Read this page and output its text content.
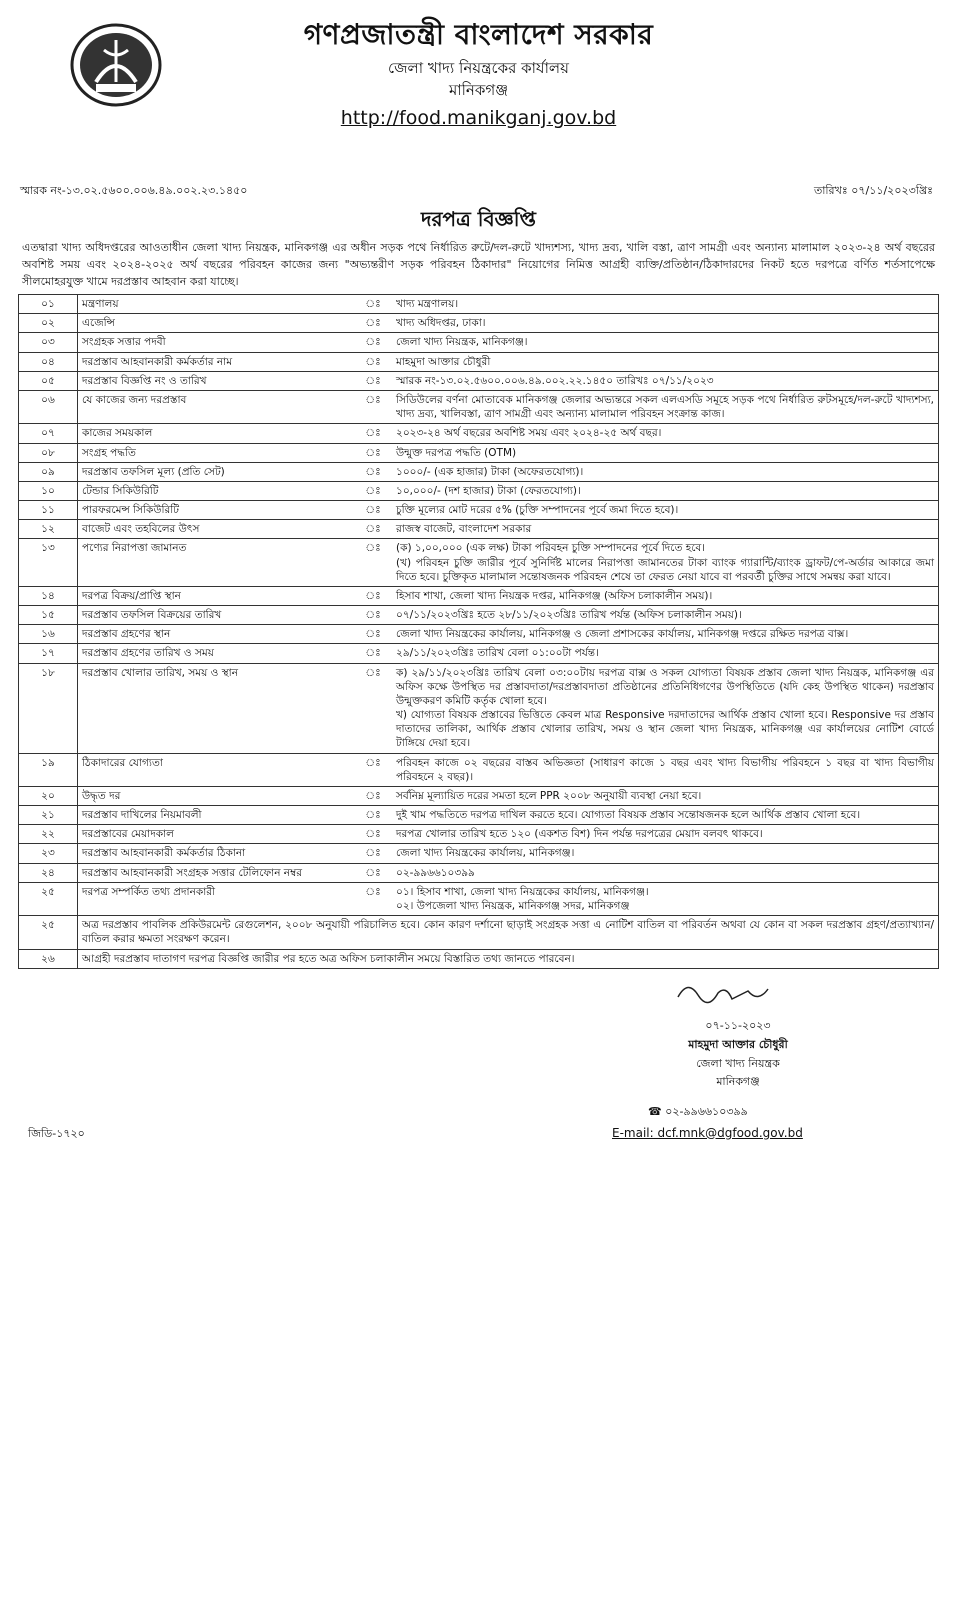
গণপ্রজাতন্ত্রী বাংলাদেশ সরকার
জেলা খাদ্য নিয়ন্ত্রকের কার্যালয়
মানিকগঞ্জ
http://food.manikganj.gov.bd
স্মারক নং-১৩.০২.৫৬০০.০০৬.৪৯.০০২.২৩.১৪৫০	তারিখঃ ০৭/১১/২০২৩খ্রিঃ
দরপত্র বিজ্ঞপ্তি
এতদ্বারা খাদ্য অধিদপ্তরের আওতাধীন জেলা খাদ্য নিয়ন্ত্রক, মানিকগঞ্জ এর অধীন সড়ক পথে নির্ধারিত রুটে/দল-রুটে খাদ্যশস্য, খাদ্য দ্রব্য, খালি বস্তা, ত্রাণ সামগ্রী এবং অন্যান্য মালামাল ২০২৩-২৪ অর্থ বছরের অবশিষ্ট সময় এবং ২০২৪-২০২৫ অর্থ বছরের পরিবহন কাজের জন্য "অভ্যন্তরীণ সড়ক পরিবহন ঠিকাদার" নিয়োগের নিমিত্ত আগ্রহী ব্যক্তি/প্রতিষ্ঠান/ঠিকাদারদের নিকট হতে দরপত্রে বর্ণিত শর্তসাপেক্ষে সীলমোহরযুক্ত খামে দরপ্রস্তাব আহবান করা যাচ্ছে।
০১	মন্ত্রণালয়	ঃ	খাদ্য মন্ত্রণালয়।

০২	এজেন্সি	ঃ	খাদ্য অধিদপ্তর, ঢাকা।

০৩	সংগ্রহক সত্তার পদবী	ঃ	জেলা খাদ্য নিয়ন্ত্রক, মানিকগঞ্জ।

০৪	দরপ্রস্তাব আহবানকারী কর্মকর্তার নাম	ঃ	মাহমুদা আক্তার চৌধুরী

০৫	দরপ্রস্তাব বিজ্ঞপ্তি নং ও তারিখ	ঃ	স্মারক নং-১৩.০২.৫৬০০.০০৬.৪৯.০০২.২২.১৪৫০ তারিখঃ ০৭/১১/২০২৩

০৬	যে কাজের জন্য দরপ্রস্তাব	ঃ	সিডিউলের বর্ণনা মোতাবেক মানিকগঞ্জ জেলার অভ্যন্তরে সকল এলএসডি সমূহে সড়ক পথে নির্ধারিত রুটসমূহে/দল-রুটে খাদ্যশস্য, খাদ্য দ্রব্য, খালিবস্তা, ত্রাণ সামগ্রী এবং অন্যান্য মালামাল পরিবহন সংক্রান্ত কাজ।

০৭	কাজের সময়কাল	ঃ	২০২৩-২৪ অর্থ বছরের অবশিষ্ট সময় এবং ২০২৪-২৫ অর্থ বছর।

০৮	সংগ্রহ পদ্ধতি	ঃ	উন্মুক্ত দরপত্র পদ্ধতি (OTM)

০৯	দরপ্রস্তাব তফসিল মূল্য (প্রতি সেট)	ঃ	১০০০/- (এক হাজার) টাকা (অফেরতযোগ্য)।

১০	টেন্ডার সিকিউরিটি	ঃ	১০,০০০/- (দশ হাজার) টাকা (ফেরতযোগ্য)।

১১	পারফরমেন্স সিকিউরিটি	ঃ	চুক্তি মূল্যের মোট দরের ৫% (চুক্তি সম্পাদনের পূর্বে জমা দিতে হবে)।

১২	বাজেট এবং তহবিলের উৎস	ঃ	রাজস্ব বাজেট, বাংলাদেশ সরকার

১৩	পণ্যের নিরাপত্তা জামানত	ঃ	(ক) ১,০০,০০০ (এক লক্ষ) টাকা পরিবহন চুক্তি সম্পাদনের পূর্বে দিতে হবে।
(খ) পরিবহন চুক্তি জারীর পূর্বে সুনির্দিষ্ট মালের নিরাপত্তা জামানতের টাকা ব্যাংক গ্যারান্টি/ব্যাংক ড্রাফট/পে-অর্ডার আকারে জমা দিতে হবে। চুক্তিকৃত মালামাল সন্তোষজনক পরিবহন শেষে তা ফেরত নেয়া যাবে বা পরবর্তী চুক্তির সাথে সমন্বয় করা যাবে।

১৪	দরপত্র বিক্রয়/প্রাপ্তি স্থান	ঃ	হিসাব শাখা, জেলা খাদ্য নিয়ন্ত্রক দপ্তর, মানিকগঞ্জ (অফিস চলাকালীন সময়)।

১৫	দরপ্রস্তাব তফসিল বিক্রয়ের তারিখ	ঃ	০৭/১১/২০২৩খ্রিঃ হতে ২৮/১১/২০২৩খ্রিঃ তারিখ পর্যন্ত (অফিস চলাকালীন সময়)।

১৬	দরপ্রস্তাব গ্রহণের স্থান	ঃ	জেলা খাদ্য নিয়ন্ত্রকের কার্যালয়, মানিকগঞ্জ ও জেলা প্রশাসকের কার্যালয়, মানিকগঞ্জ দপ্তরে রক্ষিত দরপত্র বাক্স।

১৭	দরপ্রস্তাব গ্রহণের তারিখ ও সময়	ঃ	২৯/১১/২০২৩খ্রিঃ তারিখ বেলা ০১:০০টা পর্যন্ত।

১৮	দরপ্রস্তাব খোলার তারিখ, সময় ও স্থান	ঃ	ক) ২৯/১১/২০২৩খ্রিঃ তারিখ বেলা ০৩:০০টায় দরপত্র বাক্স ও সকল যোগ্যতা বিষয়ক প্রস্তাব জেলা খাদ্য নিয়ন্ত্রক, মানিকগঞ্জ এর অফিস কক্ষে উপস্থিত দর প্রস্তাবদাতা/দরপ্রস্তাবদাতা প্রতিষ্ঠানের প্রতিনিধিগণের উপস্থিতিতে (যদি কেহ উপস্থিত থাকেন) দরপ্রস্তাব উন্মুক্তকরণ কমিটি কর্তৃক খোলা হবে।
খ) যোগ্যতা বিষয়ক প্রস্তাবের ভিত্তিতে কেবল মাত্র Responsive দরদাতাদের আর্থিক প্রস্তাব খোলা হবে। Responsive দর প্রস্তাব দাতাদের তালিকা, আর্থিক প্রস্তাব খোলার তারিখ, সময় ও স্থান জেলা খাদ্য নিয়ন্ত্রক, মানিকগঞ্জ এর কার্যালয়ের নোটিশ বোর্ডে টাঙ্গিয়ে দেয়া হবে।

১৯	ঠিকাদারের যোগ্যতা	ঃ	পরিবহন কাজে ০২ বছরের বাস্তব অভিজ্ঞতা (সাধারণ কাজে ১ বছর এবং খাদ্য বিভাগীয় পরিবহনে ১ বছর বা খাদ্য বিভাগীয় পরিবহনে ২ বছর)।

২০	উদ্ধৃত দর	ঃ	সর্বনিম্ন মূল্যায়িত দরের সমতা হলে PPR ২০০৮ অনুযায়ী ব্যবস্থা নেয়া হবে।

২১	দরপ্রস্তাব দাখিলের নিয়মাবলী	ঃ	দুই খাম পদ্ধতিতে দরপত্র দাখিল করতে হবে। যোগ্যতা বিষয়ক প্রস্তাব সন্তোষজনক হলে আর্থিক প্রস্তাব খোলা হবে।

২২	দরপ্রস্তাবের মেয়াদকাল	ঃ	দরপত্র খোলার তারিখ হতে ১২০ (একশত বিশ) দিন পর্যন্ত দরপত্রের মেয়াদ বলবৎ থাকবে।

২৩	দরপ্রস্তাব আহবানকারী কর্মকর্তার ঠিকানা	ঃ	জেলা খাদ্য নিয়ন্ত্রকের কার্যালয়, মানিকগঞ্জ।

২৪	দরপ্রস্তাব আহবানকারী সংগ্রহক সত্তার টেলিফোন নম্বর	ঃ	০২-৯৯৬৬১০৩৯৯

২৫	দরপত্র সম্পর্কিত তথ্য প্রদানকারী	ঃ	০১। হিসাব শাখা, জেলা খাদ্য নিয়ন্ত্রকের কার্যালয়, মানিকগঞ্জ।
০২। উপজেলা খাদ্য নিয়ন্ত্রক, মানিকগঞ্জ সদর, মানিকগঞ্জ

২৫	অত্র দরপ্রস্তাব পাবলিক প্রকিউরমেন্ট রেগুলেশন, ২০০৮ অনুযায়ী পরিচালিত হবে। কোন কারণ দর্শানো ছাড়াই সংগ্রহক সত্তা এ নোটিশ বাতিল বা পরিবর্তন অথবা যে কোন বা সকল দরপ্রস্তাব গ্রহণ/প্রত্যাখ্যান/বাতিল করার ক্ষমতা সংরক্ষণ করেন।		
২৬	আগ্রহী দরপ্রস্তাব দাতাগণ দরপত্র বিজ্ঞপ্তি জারীর পর হতে অত্র অফিস চলাকালীন সময়ে বিস্তারিত তথ্য জানতে পারবেন।		
০৭-১১-২০২৩
মাহমুদা আক্তার চৌধুরী
জেলা খাদ্য নিয়ন্ত্রক
মানিকগঞ্জ
☎ ০২-৯৯৬৬১০৩৯৯
জিডি-১৭২০	E-mail: dcf.mnk@dgfood.gov.bd
